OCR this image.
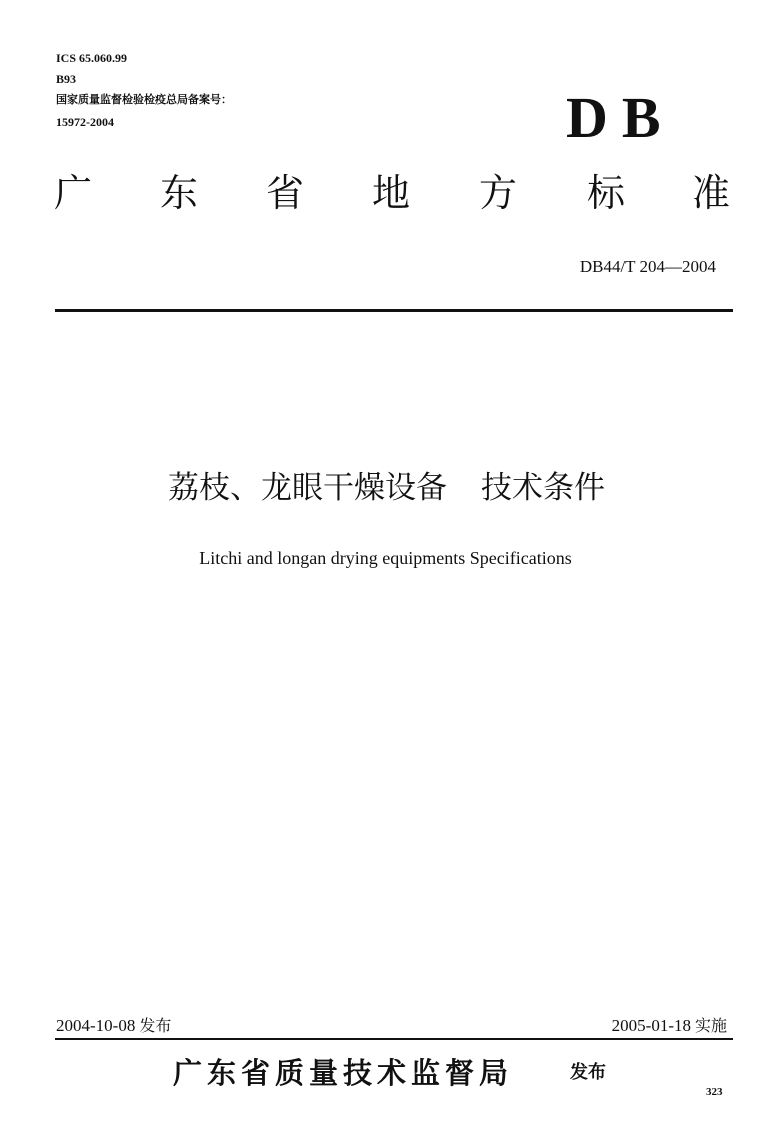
ICS 65.060.99
B93
国家质量监督检验检疫总局备案号：
15972-2004	DB
广 东 省 地 方 标 准
DB44/T 204—2004
荔枝、龙眼干燥设备 技术条件
Litchi and longan drying equipments Specifications
2004-10-08 发布	2005-01-18 实施
广东省质量技术监督局	发布
323
